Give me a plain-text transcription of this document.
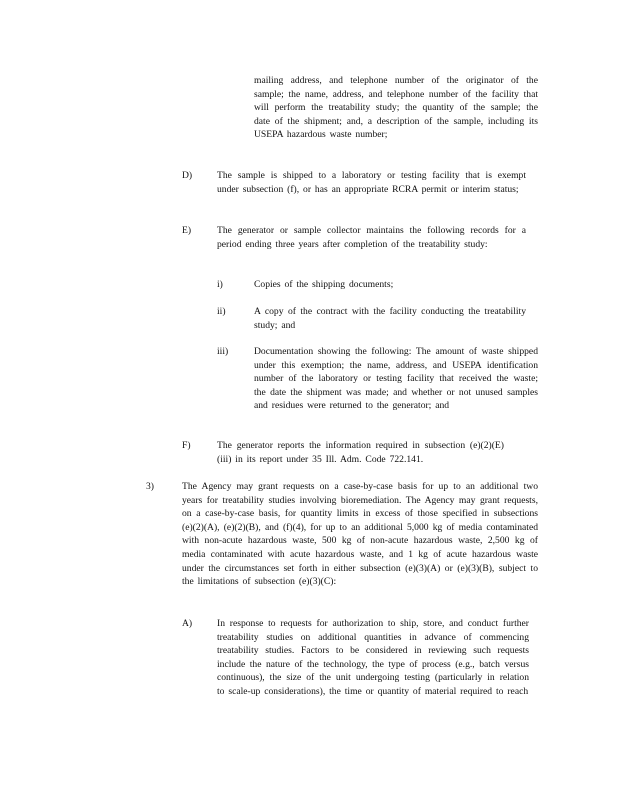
mailing address, and telephone number of the originator of the sample; the name, address, and telephone number of the facility that will perform the treatability study; the quantity of the sample; the date of the shipment; and, a description of the sample, including its USEPA hazardous waste number;

D)	The sample is shipped to a laboratory or testing facility that is exempt under subsection (f), or has an appropriate RCRA permit or interim status;

E)	The generator or sample collector maintains the following records for a period ending three years after completion of the treatability study:

i)	Copies of the shipping documents;

ii)	A copy of the contract with the facility conducting the treatability study; and

iii)	Documentation showing the following: The amount of waste shipped under this exemption; the name, address, and USEPA identification number of the laboratory or testing facility that received the waste; the date the shipment was made; and whether or not unused samples and residues were returned to the generator; and

F)	The generator reports the information required in subsection (e)(2)(E)(iii) in its report under 35 Ill. Adm. Code 722.141.

3)	The Agency may grant requests on a case-by-case basis for up to an additional two years for treatability studies involving bioremediation. The Agency may grant requests, on a case-by-case basis, for quantity limits in excess of those specified in subsections (e)(2)(A), (e)(2)(B), and (f)(4), for up to an additional 5,000 kg of media contaminated with non-acute hazardous waste, 500 kg of non-acute hazardous waste, 2,500 kg of media contaminated with acute hazardous waste, and 1 kg of acute hazardous waste under the circumstances set forth in either subsection (e)(3)(A) or (e)(3)(B), subject to the limitations of subsection (e)(3)(C):

A)	In response to requests for authorization to ship, store, and conduct further treatability studies on additional quantities in advance of commencing treatability studies. Factors to be considered in reviewing such requests include the nature of the technology, the type of process (e.g., batch versus continuous), the size of the unit undergoing testing (particularly in relation to scale-up considerations), the time or quantity of material required to reach
